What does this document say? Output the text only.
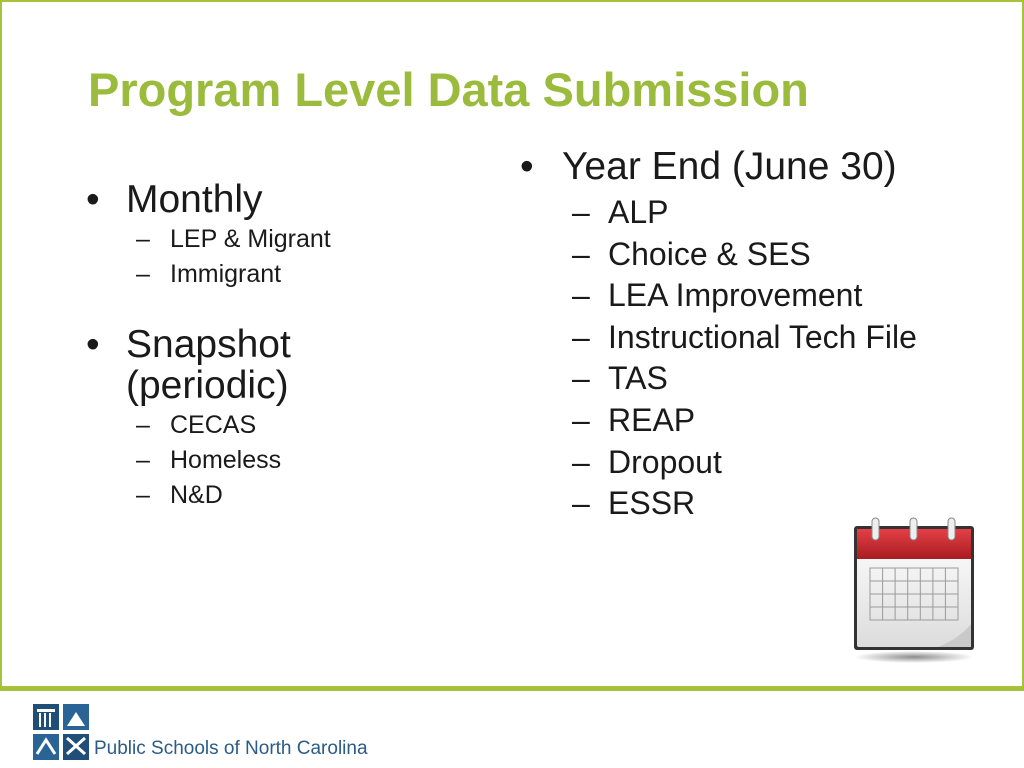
Program Level Data Submission
• Monthly
– LEP & Migrant
– Immigrant
• Snapshot (periodic)
– CECAS
– Homeless
– N&D
• Year End (June 30)
– ALP
– Choice & SES
– LEA Improvement
– Instructional Tech File
– TAS
– REAP
– Dropout
– ESSR
Public Schools of North Carolina
